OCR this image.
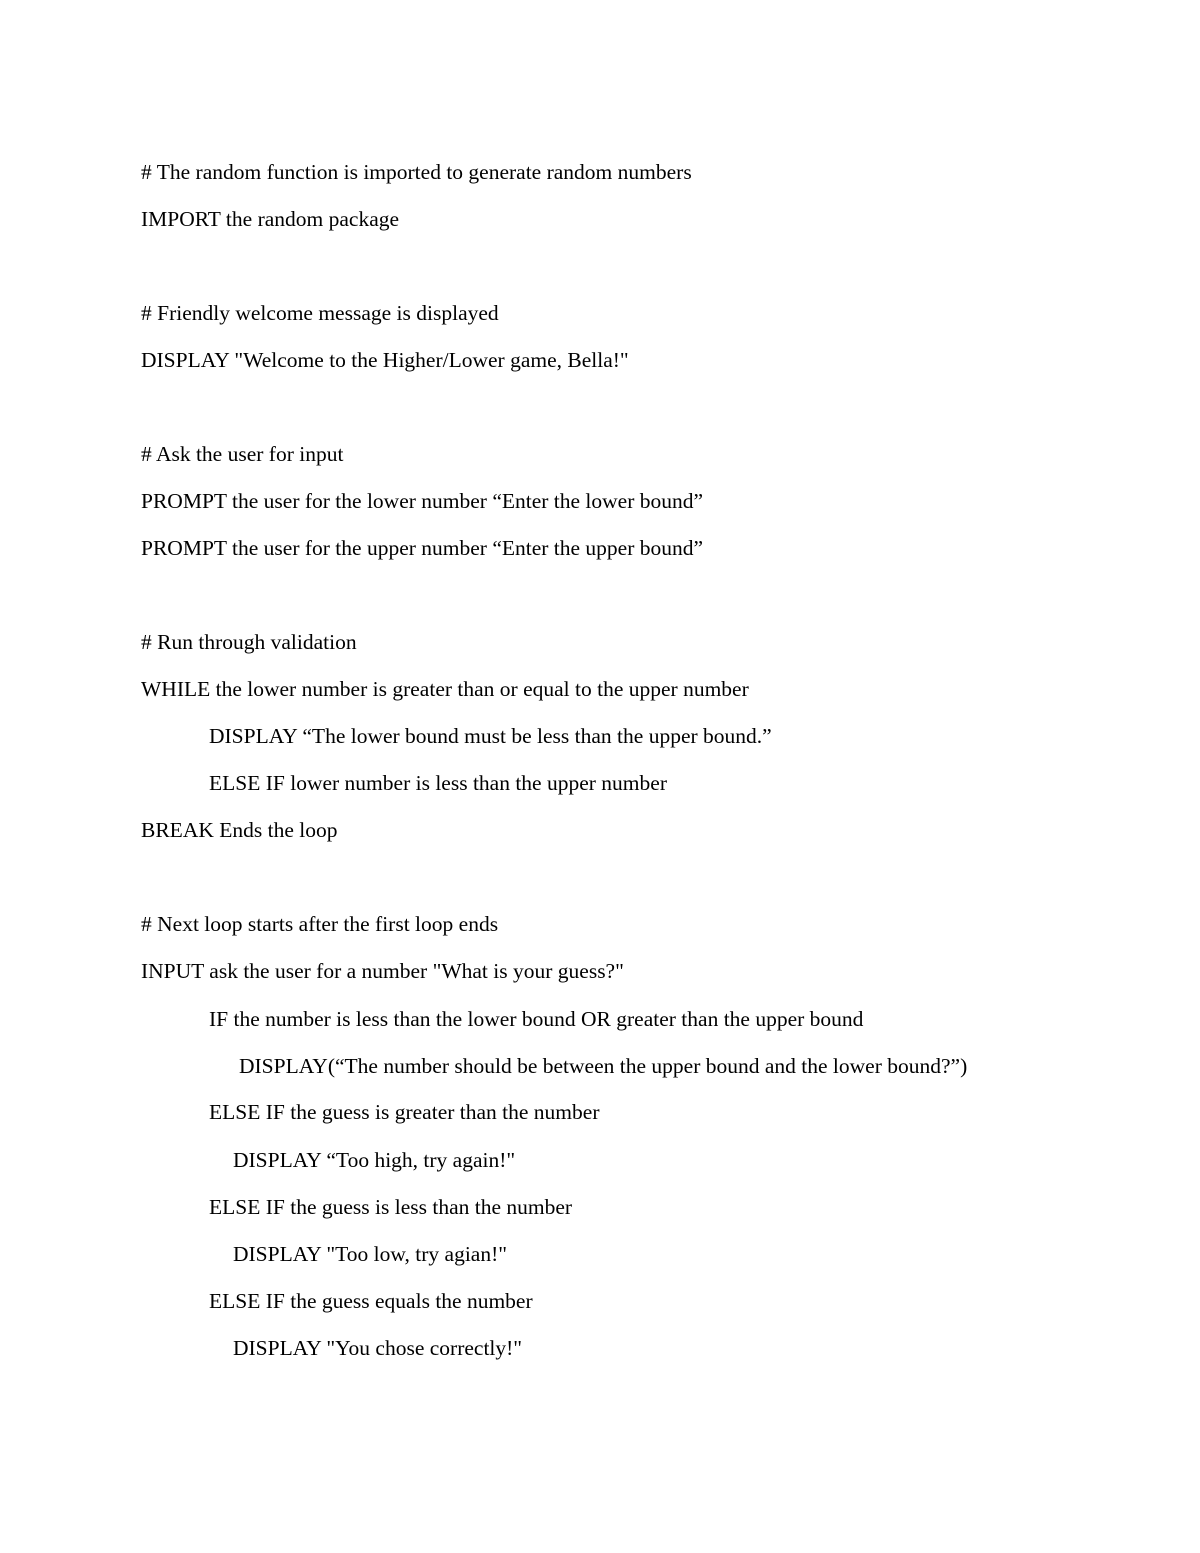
# The random function is imported to generate random numbers
IMPORT the random package
# Friendly welcome message is displayed
DISPLAY "Welcome to the Higher/Lower game, Bella!"
# Ask the user for input
PROMPT the user for the lower number “Enter the lower bound”
PROMPT the user for the upper number “Enter the upper bound”
# Run through validation
WHILE the lower number is greater than or equal to the upper number
DISPLAY “The lower bound must be less than the upper bound.”
ELSE IF lower number is less than the upper number
BREAK Ends the loop
# Next loop starts after the first loop ends
INPUT ask the user for a number "What is your guess?"
IF the number is less than the lower bound OR greater than the upper bound
DISPLAY(“The number should be between the upper bound and the lower bound?”)
ELSE IF the guess is greater than the number
DISPLAY “Too high, try again!"
ELSE IF the guess is less than the number
DISPLAY "Too low, try agian!"
ELSE IF the guess equals the number
DISPLAY "You chose correctly!"
